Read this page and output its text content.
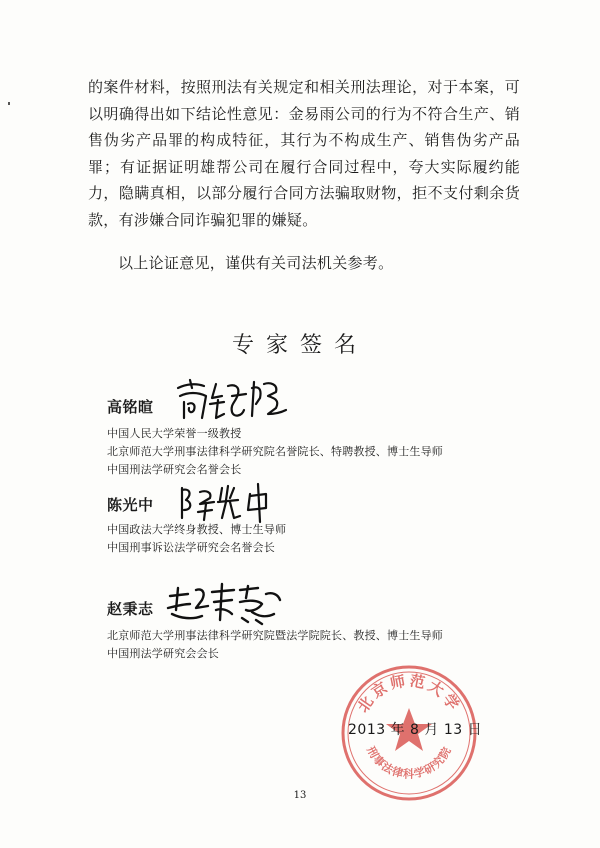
的案件材料，按照刑法有关规定和相关刑法理论，对于本案，可以明确得出如下结论性意见：金易雨公司的行为不符合生产、销售伪劣产品罪的构成特征，其行为不构成生产、销售伪劣产品罪；有证据证明雄帮公司在履行合同过程中，夸大实际履约能力，隐瞒真相，以部分履行合同方法骗取财物，拒不支付剩余货款，有涉嫌合同诈骗犯罪的嫌疑。
以上论证意见，谨供有关司法机关参考。
专家签名
高铭暄
中国人民大学荣誉一级教授
北京师范大学刑事法律科学研究院名誉院长、特聘教授、博士生导师
中国刑法学研究会名誉会长
陈光中
中国政法大学终身教授、博士生导师
中国刑事诉讼法学研究会名誉会长
赵秉志
北京师范大学刑事法律科学研究院暨法学院院长、教授、博士生导师
中国刑法学研究会会长
北京师范大学
刑事法律科学研究院
2013 年 8 月 13 日
13
